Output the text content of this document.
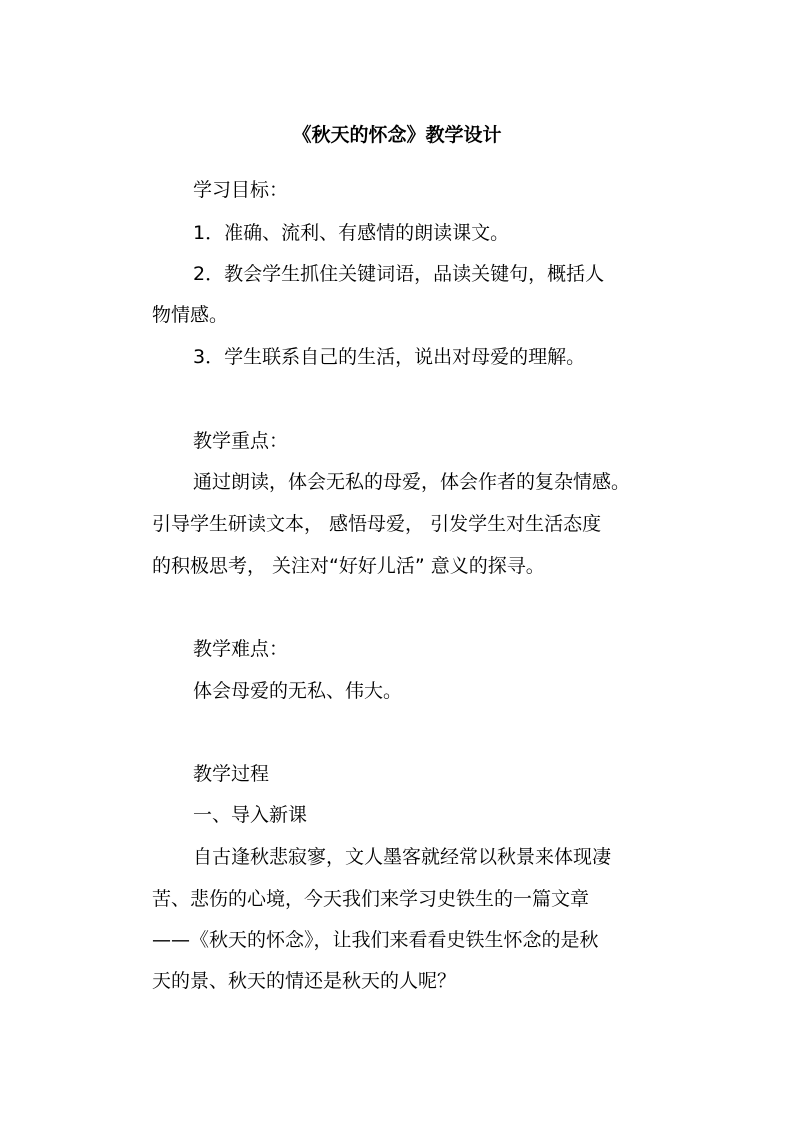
《秋天的怀念》教学设计
学习目标：
1．准确、流利、有感情的朗读课文。
2．教会学生抓住关键词语，品读关键句，概括人
物情感。
3．学生联系自己的生活，说出对母爱的理解。
教学重点：
通过朗读，体会无私的母爱，体会作者的复杂情感。
引导学生研读文本， 感悟母爱， 引发学生对生活态度
的积极思考， 关注对“好好儿活” 意义的探寻。
教学难点：
体会母爱的无私、伟大。
教学过程
一、导入新课
自古逢秋悲寂寥，文人墨客就经常以秋景来体现凄
苦、悲伤的心境，今天我们来学习史铁生的一篇文章
——《秋天的怀念》，让我们来看看史铁生怀念的是秋
天的景、秋天的情还是秋天的人呢？
